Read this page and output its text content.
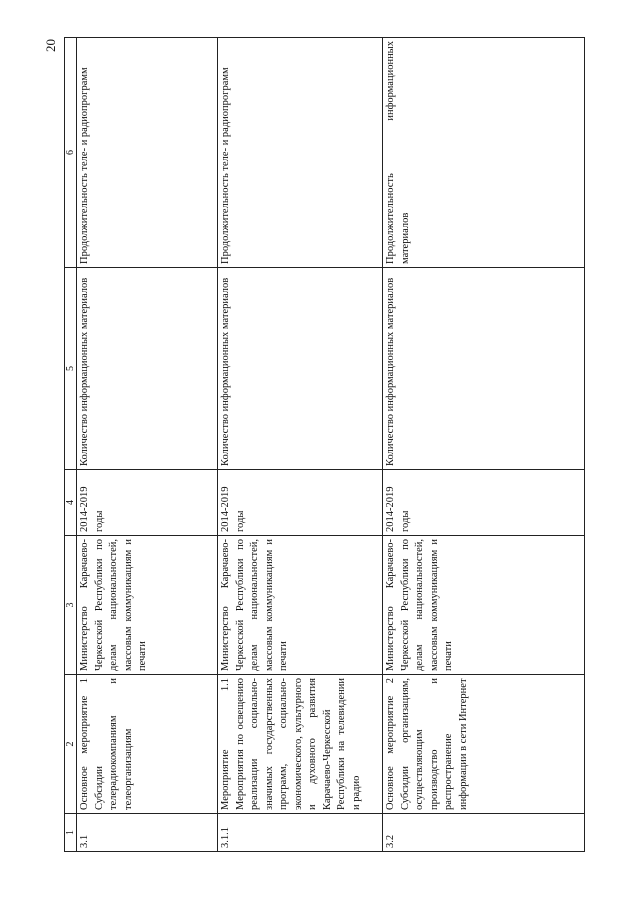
20
1	2	3	4	5	6
3.1	Основное мероприятие 1 Субсидии телерадиокомпаниям и телеорганизациям	Министерство Карачаево-Черкесской Республики по делам национальностей, массовым коммуникациям и печати	2014-2019 годы	Количество информационных материалов	Продолжительность теле- и радиопрограмм
3.1.1	Мероприятие 1.1 Мероприятия по освещению реализации социально-значимых государственных программ, социально-экономического, культурного и духовного развития Карачаево-Черкесской Республики на телевидении и радио	Министерство Карачаево-Черкесской Республики по делам национальностей, массовым коммуникациям и печати	2014-2019 годы	Количество информационных материалов	Продолжительность теле- и радиопрограмм
3.2	Основное мероприятие 2 Субсидии организациям, осуществляющим производство и распространение информации в сети Интернет	Министерство Карачаево-Черкесской Республики по делам национальностей, массовым коммуникациям и печати	2014-2019 годы	Количество информационных материалов	Продолжительность информационных материалов
